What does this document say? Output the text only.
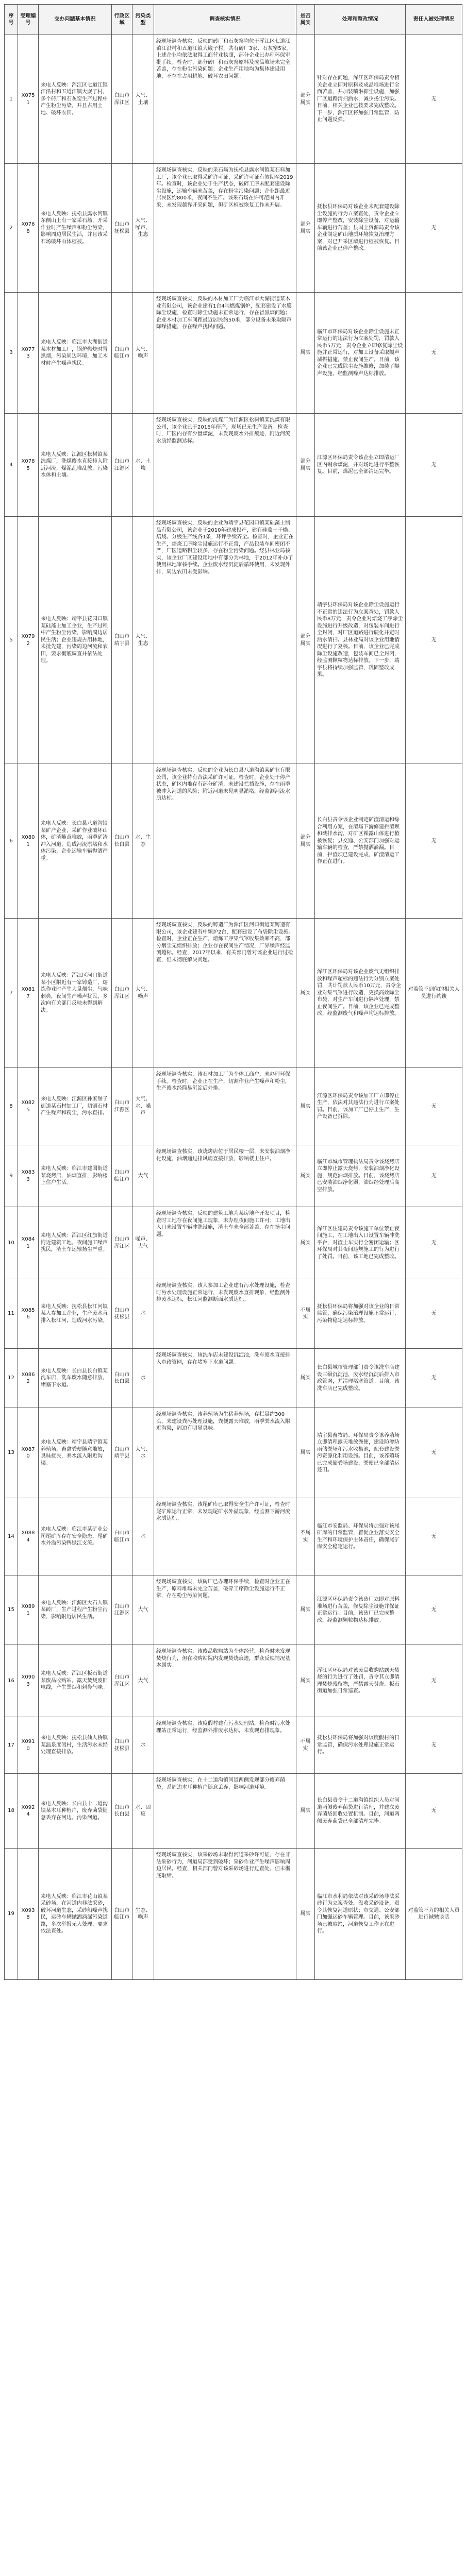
序号	受理编号	交办问题基本情况	行政区域	污染类型	调查核实情况	是否属实	处理和整改情况	责任人被处理情况
1	X0751	来电人反映：浑江区七道江镇江沿村和五道江镇大崴子村，多个砖厂和石灰窑生产过程中产生粉尘污染，并且占用土地、破坏农田。	白山市浑江区	大气、土壤	经现场调查核实，反映的砖厂和石灰窑均位于浑江区七道江镇江沿村和五道江镇大崴子村，共有砖厂3家、石灰窑5家。上述企业均依法取得工商营业执照，部分企业已办理环保审批手续。检查时，部分砖厂和石灰窑原料及成品堆场未完全苫盖，存在粉尘污染问题；企业生产用地均为集体建设用地，不存在占用耕地、破坏农田问题。	部分属实	针对存在问题，浑江区环保局责令相关企业立即对原料及成品堆场进行全面苫盖，并加装喷淋抑尘设施，加强厂区道路清扫洒水，减少扬尘污染。目前，相关企业已按要求完成整改。下一步，浑江区将加强日常监管，防止问题反弹。	无
2	X0768	来电人反映：抚松县露水河镇东侧山上有一家采石场，开采作业时产生噪声和粉尘污染，影响周边居民生活，并且该采石场破坏山体植被。	白山市抚松县	大气、噪声、生态	经现场调查核实，反映的采石场为抚松县露水河镇某石料加工厂，该企业已取得采矿许可证，采矿许可证有效期至2019年。检查时，该企业处于生产状态，破碎工序未配套建设除尘设施，运输车辆未苫盖，存在粉尘污染问题；企业距最近居民区约800米，夜间不生产。该采石场在许可范围内开采，未发现越界开采问题，但矿区植被恢复工作未开展。	部分属实	抚松县环保局对该企业未配套建设除尘设施的行为立案查处，责令企业立即停产整改，安装除尘设备，对运输车辆进行苫盖；县国土资源局责令该企业制定矿山地质环境恢复治理方案，对已开采区域进行植被恢复。目前该企业已停产整改。	无
3	X0773	来电人反映：临江市大湖街道某木材加工厂，锅炉燃烧时冒黑烟，污染周边环境，加工木材时产生噪声扰民。	白山市临江市	大气、噪声	经现场调查核实，反映的木材加工厂为临江市大湖街道某木业有限公司，该企业建有1台4吨燃煤锅炉，配套建设了水膜除尘设施，检查时除尘设施未正常运行，存在冒黑烟问题；企业木材加工车间距最近居民约50米，部分设备未采取隔声降噪措施，存在噪声扰民问题。	属实	临江市环保局对该企业除尘设施未正常运行的违法行为立案处罚，罚款人民币5万元，责令企业立即修复除尘设施并正常运行，对加工设备采取隔声减振措施，禁止夜间生产。目前，该企业已完成除尘设施维修，加装了隔声设施，经监测噪声达标排放。	无
4	X0785	来电人反映：江源区松树镇某洗煤厂，洗煤废水直接排入附近河流，煤泥乱堆乱放，污染水体和土壤。	白山市江源区	水、土壤	经现场调查核实，反映的洗煤厂为江源区松树镇某洗煤有限公司，该企业已于2016年停产，现场已无生产设备。检查时，厂区内存有少量煤泥，未发现废水外排痕迹，附近河流水质经监测达标。	部分属实	江源区环保局责令该企业立即清运厂区内剩余煤泥，并对场地进行平整恢复。目前，煤泥已全部清运完毕。	无
5	X0792	来电人反映：靖宇县花园口镇某硅藻土加工企业，生产过程中产生粉尘污染，影响周边居民生活；企业违规占用林地，未批先建，污染周边河流和农田，要求彻底调查并依法处理。	白山市靖宇县	大气、生态	经现场调查核实，反映的企业为靖宇县花园口镇某硅藻土制品有限公司，该企业于2010年建成投产，建有硅藻土干燥、焙烧、分级生产线各1条，环评手续齐全。检查时，企业正在生产，焙烧工序除尘设施运行不正常，产品包装车间密闭不严，厂区道路积尘较多，存在粉尘污染问题。经县林业局核实，该企业厂区建设用地中有部分为林地，于2012年补办了使用林地审核手续。企业废水经沉淀后循环使用，未发现外排，周边农田未受影响。	部分属实	靖宇县环保局对该企业除尘设施运行不正常的违法行为立案查处，罚款人民币8万元，责令企业对焙烧工序除尘设施进行升级改造，对包装车间进行全封闭，对厂区道路进行硬化并定时洒水清扫。县林业局对该企业用地情况进行了复核。目前，该企业已完成除尘设施改造，包装车间已全封闭，经监测颗粒物达标排放。下一步，靖宇县将持续加强监管，巩固整改成果。	无
6	X0801	来电人反映：长白县八道沟镇某矿产企业，采矿作业破坏山体，矿渣随意堆放，雨季矿渣冲入河道，造成河流淤堵和水体污染，企业运输车辆抛洒严重。	白山市长白县	水、生态	经现场调查核实，反映的企业为长白县八道沟镇某矿业有限公司，该企业持有合法采矿许可证。检查时，企业处于停产状态，矿区内堆存有部分矿渣，未建设拦挡设施，存在雨季被冲入河道的风险；附近河道未见明显淤堵，经监测河流水质达标。	部分属实	长白县责令该企业制定矿渣清运和综合利用方案，在渣场下游修建拦渣坝和截排水沟，对矿区裸露山体进行植被恢复；县交通、公安部门加强对运输车辆的检查，严禁抛洒滴漏。目前，拦渣坝已建设完成，矿渣清运工作正在进行。	无
7	X0817	来电人反映：浑江区河口街道某小区附近有一家铸造厂，熔炼作业时产生大量烟尘，气味刺鼻，夜间生产噪声扰民，多次向有关部门反映未得到解决。	白山市浑江区	大气、噪声	经现场调查核实，反映的铸造厂为浑江区河口街道某铸造有限公司，该企业建有中频炉2台，配套建设了布袋除尘设施。检查时，企业正在生产，熔炼工序集气罩收集效率不高，部分烟尘无组织排放；企业存在夜间生产情况，厂界噪声经监测超标。经查，2017年以来，有关部门曾对该企业进行过检查，但未彻底解决问题。	属实	浑江区环保局对该企业废气无组织排放和噪声超标的违法行为分别立案处罚，共计罚款人民币10万元，责令企业对集气罩进行改造，更换高效除尘布袋，对生产车间进行隔声处理，禁止夜间生产。目前，该企业已完成整改，经监测废气和噪声均达标排放。	对监管不到位的相关人员进行约谈
8	X0825	来电人反映：江源区孙家堡子街道某石材加工厂，切割石材产生噪声和粉尘，污水直排。	白山市江源区	大气、水、噪声	经现场调查核实，该石材加工厂为个体工商户，未办理环保手续。检查时，企业正在生产，切割作业产生噪声和粉尘，生产废水经简易沉淀后外排。	属实	江源区环保局责令该加工厂立即停止生产，依法对其违法行为进行立案处罚。目前，该加工厂已停止生产，生产设备已拆除。	无
9	X0833	来电人反映：临江市建国街道某烧烤店，油烟直排，影响楼上住户生活。	白山市临江市	大气	经现场调查核实，该烧烤店位于居民楼一层，未安装油烟净化设施，油烟通过排风扇直接排放，影响楼上住户。	属实	临江市城市管理执法局责令该烧烤店立即停止露天烧烤，安装油烟净化设施，规范油烟排放。目前，该烧烤店已安装油烟净化器，油烟经处理后高空排放。	无
10	X0841	来电人反映：浑江区红旗街道附近建筑工地，夜间施工噪声扰民，渣土车运输扬尘严重。	白山市浑江区	噪声、大气	经现场调查核实，反映的建筑工地为某房地产开发项目，检查时工地存在夜间施工现象，未办理夜间施工许可；工地出入口未设置车辆冲洗设施，渣土车未全部苫盖，存在扬尘问题。	属实	浑江区住建局责令该施工单位禁止夜间施工，在工地出入口设置车辆冲洗平台，对渣土车实行全密闭运输；区环保局对其夜间违规施工的行为进行了处罚。目前，该工地已完成整改。	无
11	X0856	来电人反映：抚松县松江河镇某人参加工企业，生产废水直排入松江河，造成河水污染。	白山市抚松县	水	经现场调查核实，该人参加工企业建有污水处理设施，检查时污水处理设施正常运行，未发现废水直排现象，经监测外排废水达标，松江河监测断面水质达标。	不属实	抚松县环保局将加强对该企业的日常监管，确保污染治理设施正常运行，污染物稳定达标排放。	无
12	X0862	来电人反映：长白县长白镇某洗车店，洗车废水随意排放，堵塞下水道。	白山市长白县	水	经现场调查核实，该洗车店未建设沉淀池，洗车废水直接排入市政管网，存在堵塞下水道问题。	属实	长白县城市管理部门责令该洗车店建设三级沉淀池，废水经沉淀后排入市政管网，并清理堵塞管道。目前，该洗车店已完成整改。	无
13	X0870	来电人反映：靖宇县靖宇镇某养殖场，畜禽粪便随意堆放，臭味扰民，粪水流入附近沟渠。	白山市靖宇县	大气、水	经现场调查核实，该养殖场为生猪养殖场，存栏量约300头，未建设粪污处理设施，粪便露天堆放，雨季粪水流入附近沟渠，周边有明显臭味。	属实	靖宇县畜牧局、环保局责令该养殖场立即清理露天堆放粪便，建设防渗防雨储粪场和污水收集池，配套建设粪污资源化利用设施。目前，该养殖场已完成储粪场建设，粪便已全部清运还田。	无
14	X0884	来电人反映：临江市某矿业公司尾矿库存在安全隐患，尾矿水外溢污染鸭绿江支流。	白山市临江市	水	经现场调查核实，该尾矿库已取得安全生产许可证，检查时尾矿库运行正常，未发现尾矿水外溢现象，经监测下游河流水质达标。	不属实	临江市安监局、环保局将加强对该尾矿库的日常监管，督促企业落实安全生产和环境保护主体责任，确保尾矿库安全稳定运行。	无
15	X0891	来电人反映：江源区大石人镇某砖厂，生产过程产生粉尘污染，影响附近居民生活。	白山市江源区	大气	经现场调查核实，该砖厂已办理环保手续，检查时企业正在生产，原料堆场未完全苫盖，破碎工序除尘设施运行不正常，存在粉尘污染问题。	属实	江源区环保局责令该砖厂立即对原料堆场进行苫盖，修复除尘设施并保证正常运行。目前，该砖厂已完成整改，经监测颗粒物达标排放。	无
16	X0903	来电人反映：浑江区板石街道某废品收购站，露天焚烧废旧电线，产生黑烟和刺鼻气味。	白山市浑江区	大气	经现场调查核实，该废品收购站为个体经营，检查时未发现焚烧行为，但在收购站院内发现焚烧痕迹，群众反映情况基本属实。	属实	浑江区环保局对该废品收购站露天焚烧的行为进行了处罚，责令其立即清理焚烧残留物，严禁露天焚烧。板石街道加强日常巡查。	无
17	X0910	来电人反映：抚松县仙人桥镇某温泉度假村，生活污水未经处理直接排放。	白山市抚松县	水	经现场调查核实，该度假村建有污水处理站，检查时污水处理站正常运行，经监测外排废水达标，未发现直排现象。	不属实	抚松县环保局将加强对该度假村的日常监管，确保污水处理设施正常运行。	无
18	X0924	来电人反映：长白县十二道沟镇某木耳种植户，废弃菌袋随意丢弃在河边，污染河道。	白山市长白县	水、固废	经现场调查核实，在十二道沟镇河道两侧发现部分废弃菌袋，系周边木耳种植户随意丢弃，影响河道环境。	属实	长白县责令十二道沟镇组织人员对河道两侧废弃菌袋进行清理，并建立废弃菌袋回收处置机制。目前，河道两侧废弃菌袋已全部清理完毕。	无
19	X0938	来电人反映：临江市花山镇某采砂场，在河道内非法采砂，破坏河道生态，采砂船噪声扰民，运砂车辆抛洒滴漏污染道路，多次举报无人处理，要求依法查处。	白山市临江市	生态、噪声	经现场调查核实，该采砂场未取得河道采砂许可证，存在非法采砂行为，河道局部受到破坏；采砂作业产生噪声影响周边居民。经查，相关部门曾对该采砂场进行过查处，但未彻底取缔。	属实	临江市水利局依法对该采砂场非法采砂行为立案查处，没收采砂设备，责令其恢复河道原状；市交通、公安部门加强运砂车辆管理。目前，该采砂场已被取缔，河道恢复工作正在进行。	对监管不力的相关人员进行诫勉谈话
